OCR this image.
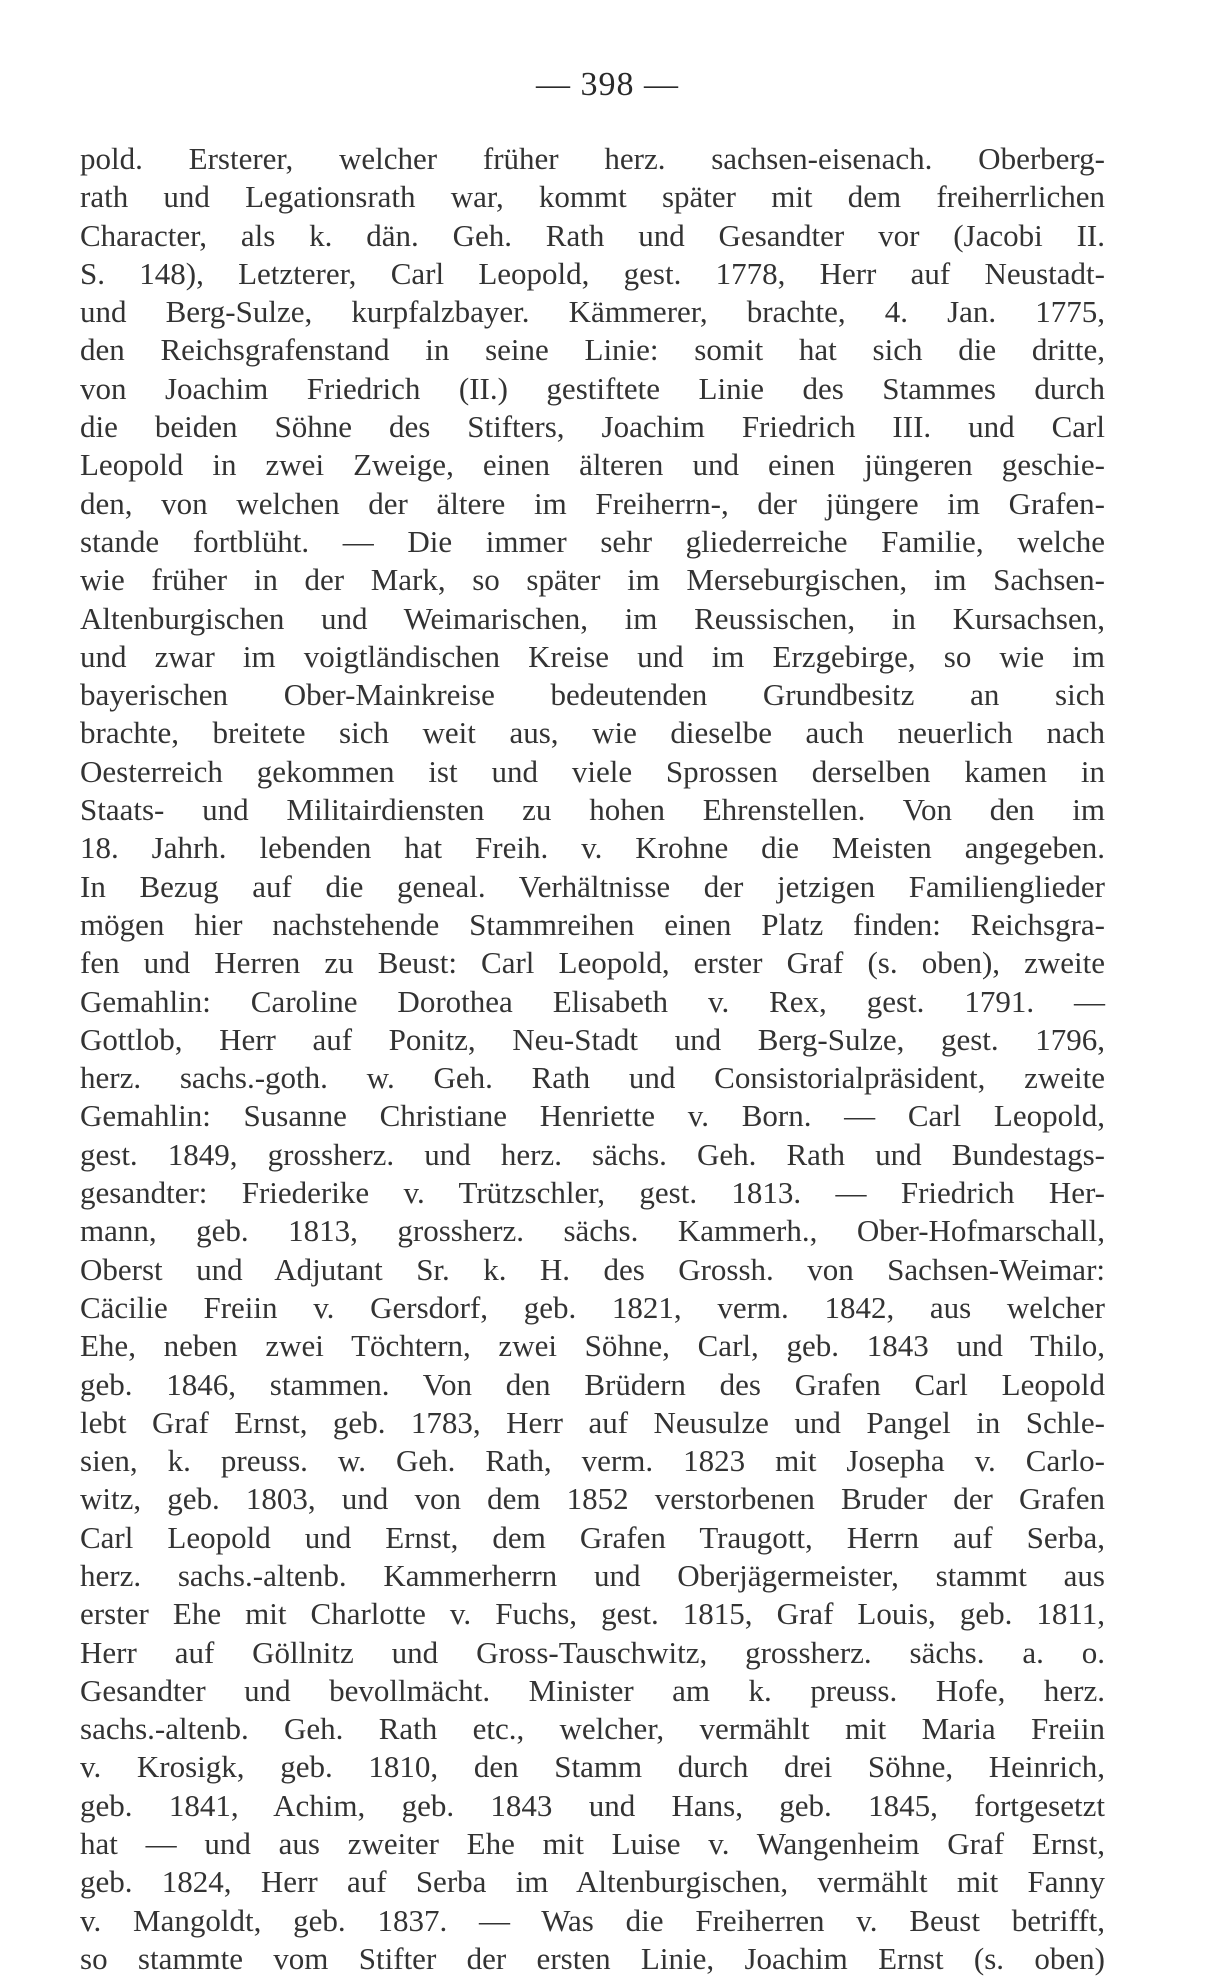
— 398 —
pold. Ersterer, welcher früher herz. sachsen-eisenach. Oberberg-
rath und Legationsrath war, kommt später mit dem freiherrlichen
Character, als k. dän. Geh. Rath und Gesandter vor (Jacobi II.
S. 148), Letzterer, Carl Leopold, gest. 1778, Herr auf Neustadt-
und Berg-Sulze, kurpfalzbayer. Kämmerer, brachte, 4. Jan. 1775,
den Reichsgrafenstand in seine Linie: somit hat sich die dritte,
von Joachim Friedrich (II.) gestiftete Linie des Stammes durch
die beiden Söhne des Stifters, Joachim Friedrich III. und Carl
Leopold in zwei Zweige, einen älteren und einen jüngeren geschie-
den, von welchen der ältere im Freiherrn-, der jüngere im Grafen-
stande fortblüht. — Die immer sehr gliederreiche Familie, welche
wie früher in der Mark, so später im Merseburgischen, im Sachsen-
Altenburgischen und Weimarischen, im Reussischen, in Kursachsen,
und zwar im voigtländischen Kreise und im Erzgebirge, so wie im
bayerischen Ober-Mainkreise bedeutenden Grundbesitz an sich
brachte, breitete sich weit aus, wie dieselbe auch neuerlich nach
Oesterreich gekommen ist und viele Sprossen derselben kamen in
Staats- und Militairdiensten zu hohen Ehrenstellen. Von den im
18. Jahrh. lebenden hat Freih. v. Krohne die Meisten angegeben.
In Bezug auf die geneal. Verhältnisse der jetzigen Familienglieder
mögen hier nachstehende Stammreihen einen Platz finden: Reichsgra-
fen und Herren zu Beust: Carl Leopold, erster Graf (s. oben), zweite
Gemahlin: Caroline Dorothea Elisabeth v. Rex, gest. 1791. —
Gottlob, Herr auf Ponitz, Neu-Stadt und Berg-Sulze, gest. 1796,
herz. sachs.-goth. w. Geh. Rath und Consistorialpräsident, zweite
Gemahlin: Susanne Christiane Henriette v. Born. — Carl Leopold,
gest. 1849, grossherz. und herz. sächs. Geh. Rath und Bundestags-
gesandter: Friederike v. Trützschler, gest. 1813. — Friedrich Her-
mann, geb. 1813, grossherz. sächs. Kammerh., Ober-Hofmarschall,
Oberst und Adjutant Sr. k. H. des Grossh. von Sachsen-Weimar:
Cäcilie Freiin v. Gersdorf, geb. 1821, verm. 1842, aus welcher
Ehe, neben zwei Töchtern, zwei Söhne, Carl, geb. 1843 und Thilo,
geb. 1846, stammen. Von den Brüdern des Grafen Carl Leopold
lebt Graf Ernst, geb. 1783, Herr auf Neusulze und Pangel in Schle-
sien, k. preuss. w. Geh. Rath, verm. 1823 mit Josepha v. Carlo-
witz, geb. 1803, und von dem 1852 verstorbenen Bruder der Grafen
Carl Leopold und Ernst, dem Grafen Traugott, Herrn auf Serba,
herz. sachs.-altenb. Kammerherrn und Oberjägermeister, stammt aus
erster Ehe mit Charlotte v. Fuchs, gest. 1815, Graf Louis, geb. 1811,
Herr auf Göllnitz und Gross-Tauschwitz, grossherz. sächs. a. o.
Gesandter und bevollmächt. Minister am k. preuss. Hofe, herz.
sachs.-altenb. Geh. Rath etc., welcher, vermählt mit Maria Freiin
v. Krosigk, geb. 1810, den Stamm durch drei Söhne, Heinrich,
geb. 1841, Achim, geb. 1843 und Hans, geb. 1845, fortgesetzt
hat — und aus zweiter Ehe mit Luise v. Wangenheim Graf Ernst,
geb. 1824, Herr auf Serba im Altenburgischen, vermählt mit Fanny
v. Mangoldt, geb. 1837. — Was die Freiherren v. Beust betrifft,
so stammte vom Stifter der ersten Linie, Joachim Ernst (s. oben)
